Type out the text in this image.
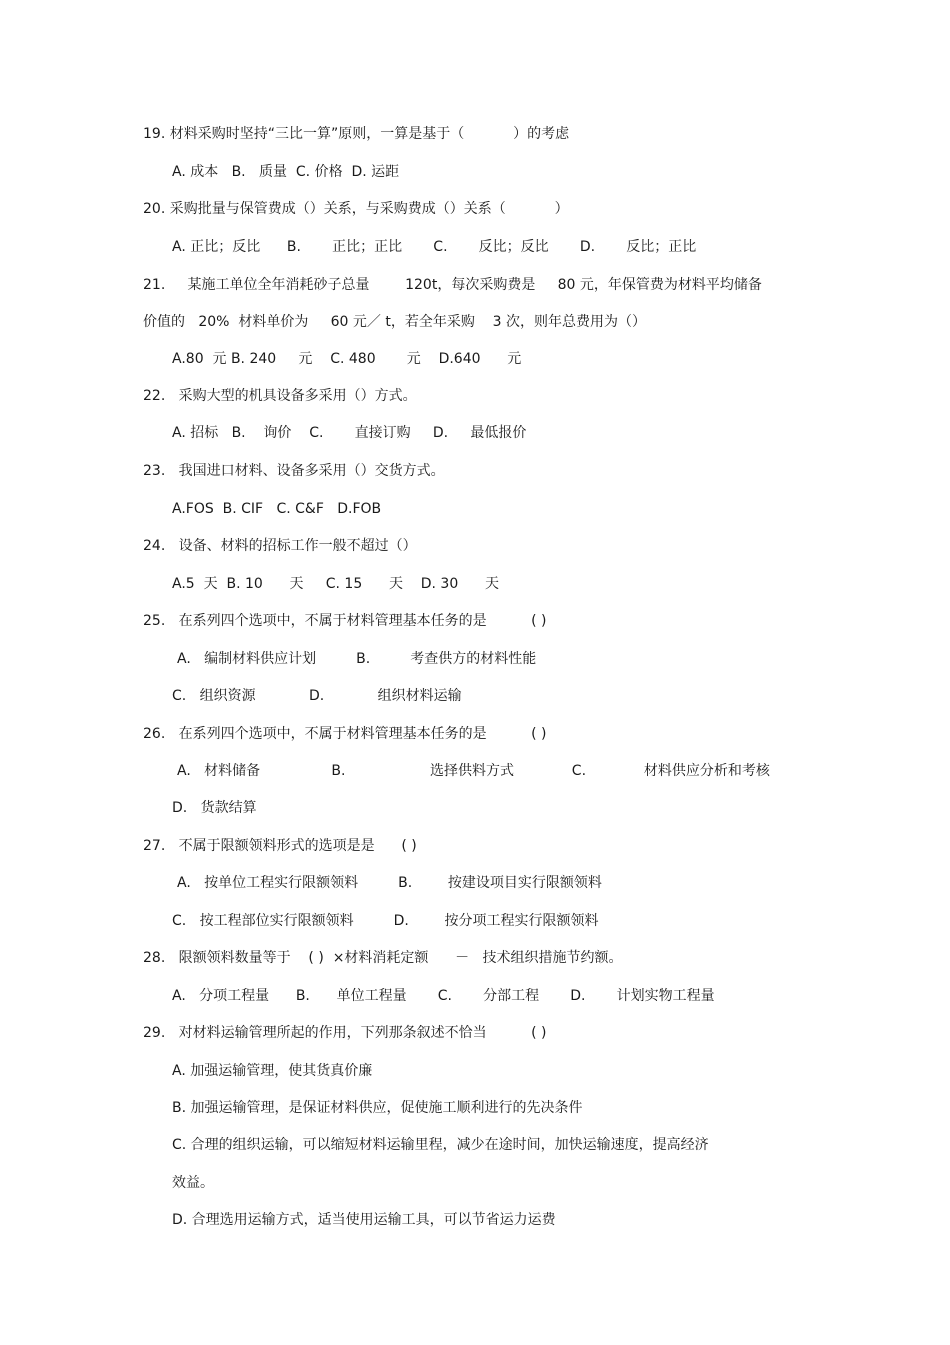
19. 材料采购时坚持“三比一算”原则，一算是基于（           ）的考虑
A. 成本   B.   质量  C. 价格  D. 运距
20. 采购批量与保管费成（）关系，与采购费成（）关系（           ）
A. 正比；反比      B.       正比；正比       C.       反比；反比       D.       反比；正比
21.     某施工单位全年消耗砂子总量        120t，每次采购费是     80 元，年保管费为材料平均储备
价值的   20%  材料单价为     60 元／ t，若全年采购    3 次，则年总费用为（）
A.80  元 B. 240     元    C. 480       元    D.640      元
22.   采购大型的机具设备多采用（）方式。
A. 招标   B.    询价    C.       直接订购     D.     最低报价
23.   我国进口材料、设备多采用（）交货方式。
A.FOS  B. CIF   C. C&F   D.FOB
24.   设备、材料的招标工作一般不超过（）
A.5  天  B. 10      天     C. 15      天    D. 30      天
25.   在系列四个选项中，不属于材料管理基本任务的是          ( )
A.   编制材料供应计划         B.         考查供方的材料性能
C.   组织资源            D.            组织材料运输
26.   在系列四个选项中，不属于材料管理基本任务的是          ( )
A.   材料储备                B.                   选择供料方式             C.             材料供应分析和考核
D.   货款结算
27.   不属于限额领料形式的选项是是      ( )
A.   按单位工程实行限额领料         B.        按建设项目实行限额领料
C.   按工程部位实行限额领料         D.        按分项工程实行限额领料
28.   限额领料数量等于    ( )  ×材料消耗定额      －   技术组织措施节约额。
A.   分项工程量      B.      单位工程量       C.       分部工程       D.       计划实物工程量
29.   对材料运输管理所起的作用，下列那条叙述不恰当          ( )
A. 加强运输管理，使其货真价廉
B. 加强运输管理，是保证材料供应，促使施工顺利进行的先决条件
C. 合理的组织运输，可以缩短材料运输里程，减少在途时间，加快运输速度，提高经济
效益。
D. 合理选用运输方式，适当使用运输工具，可以节省运力运费
